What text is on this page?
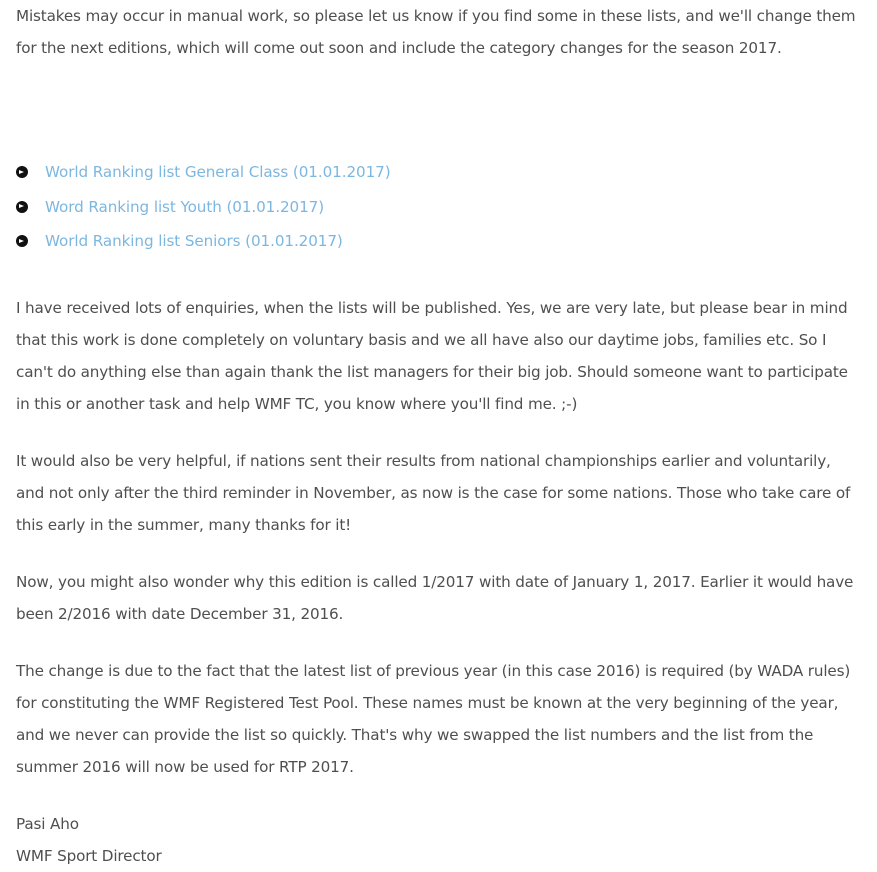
Mistakes may occur in manual work, so please let us know if you find some in these lists, and we'll change them for the next editions, which will come out soon and include the category changes for the season 2017.

World Ranking list General Class (01.01.2017)
Word Ranking list Youth (01.01.2017)
World Ranking list Seniors (01.01.2017)

I have received lots of enquiries, when the lists will be published. Yes, we are very late, but please bear in mind that this work is done completely on voluntary basis and we all have also our daytime jobs, families etc. So I can't do anything else than again thank the list managers for their big job. Should someone want to participate in this or another task and help WMF TC, you know where you'll find me. ;-)

It would also be very helpful, if nations sent their results from national championships earlier and voluntarily, and not only after the third reminder in November, as now is the case for some nations. Those who take care of this early in the summer, many thanks for it!

Now, you might also wonder why this edition is called 1/2017 with date of January 1, 2017. Earlier it would have been 2/2016 with date December 31, 2016.

The change is due to the fact that the latest list of previous year (in this case 2016) is required (by WADA rules) for constituting the WMF Registered Test Pool. These names must be known at the very beginning of the year, and we never can provide the list so quickly. That's why we swapped the list numbers and the list from the summer 2016 will now be used for RTP 2017.

Pasi Aho

WMF Sport Director
